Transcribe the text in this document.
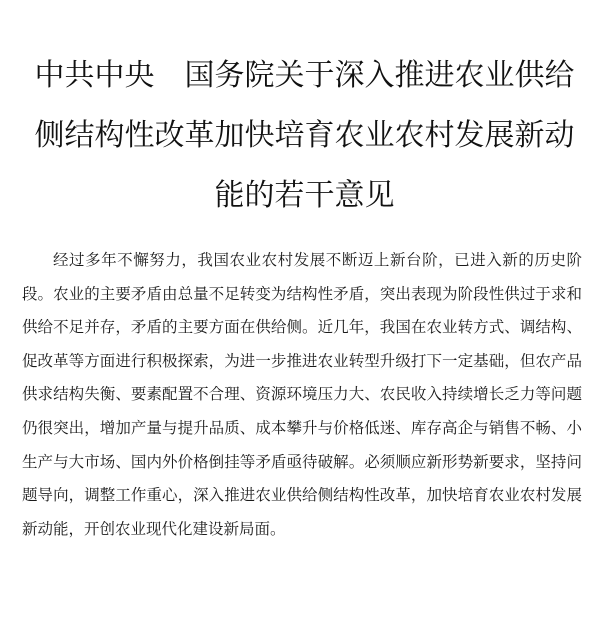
中共中央　国务院关于深入推进农业供给侧结构性改革加快培育农业农村发展新动能的若干意见

经过多年不懈努力，我国农业农村发展不断迈上新台阶，已进入新的历史阶段。农业的主要矛盾由总量不足转变为结构性矛盾，突出表现为阶段性供过于求和供给不足并存，矛盾的主要方面在供给侧。近几年，我国在农业转方式、调结构、促改革等方面进行积极探索，为进一步推进农业转型升级打下一定基础，但农产品供求结构失衡、要素配置不合理、资源环境压力大、农民收入持续增长乏力等问题仍很突出，增加产量与提升品质、成本攀升与价格低迷、库存高企与销售不畅、小生产与大市场、国内外价格倒挂等矛盾亟待破解。必须顺应新形势新要求，坚持问题导向，调整工作重心，深入推进农业供给侧结构性改革，加快培育农业农村发展新动能，开创农业现代化建设新局面。
